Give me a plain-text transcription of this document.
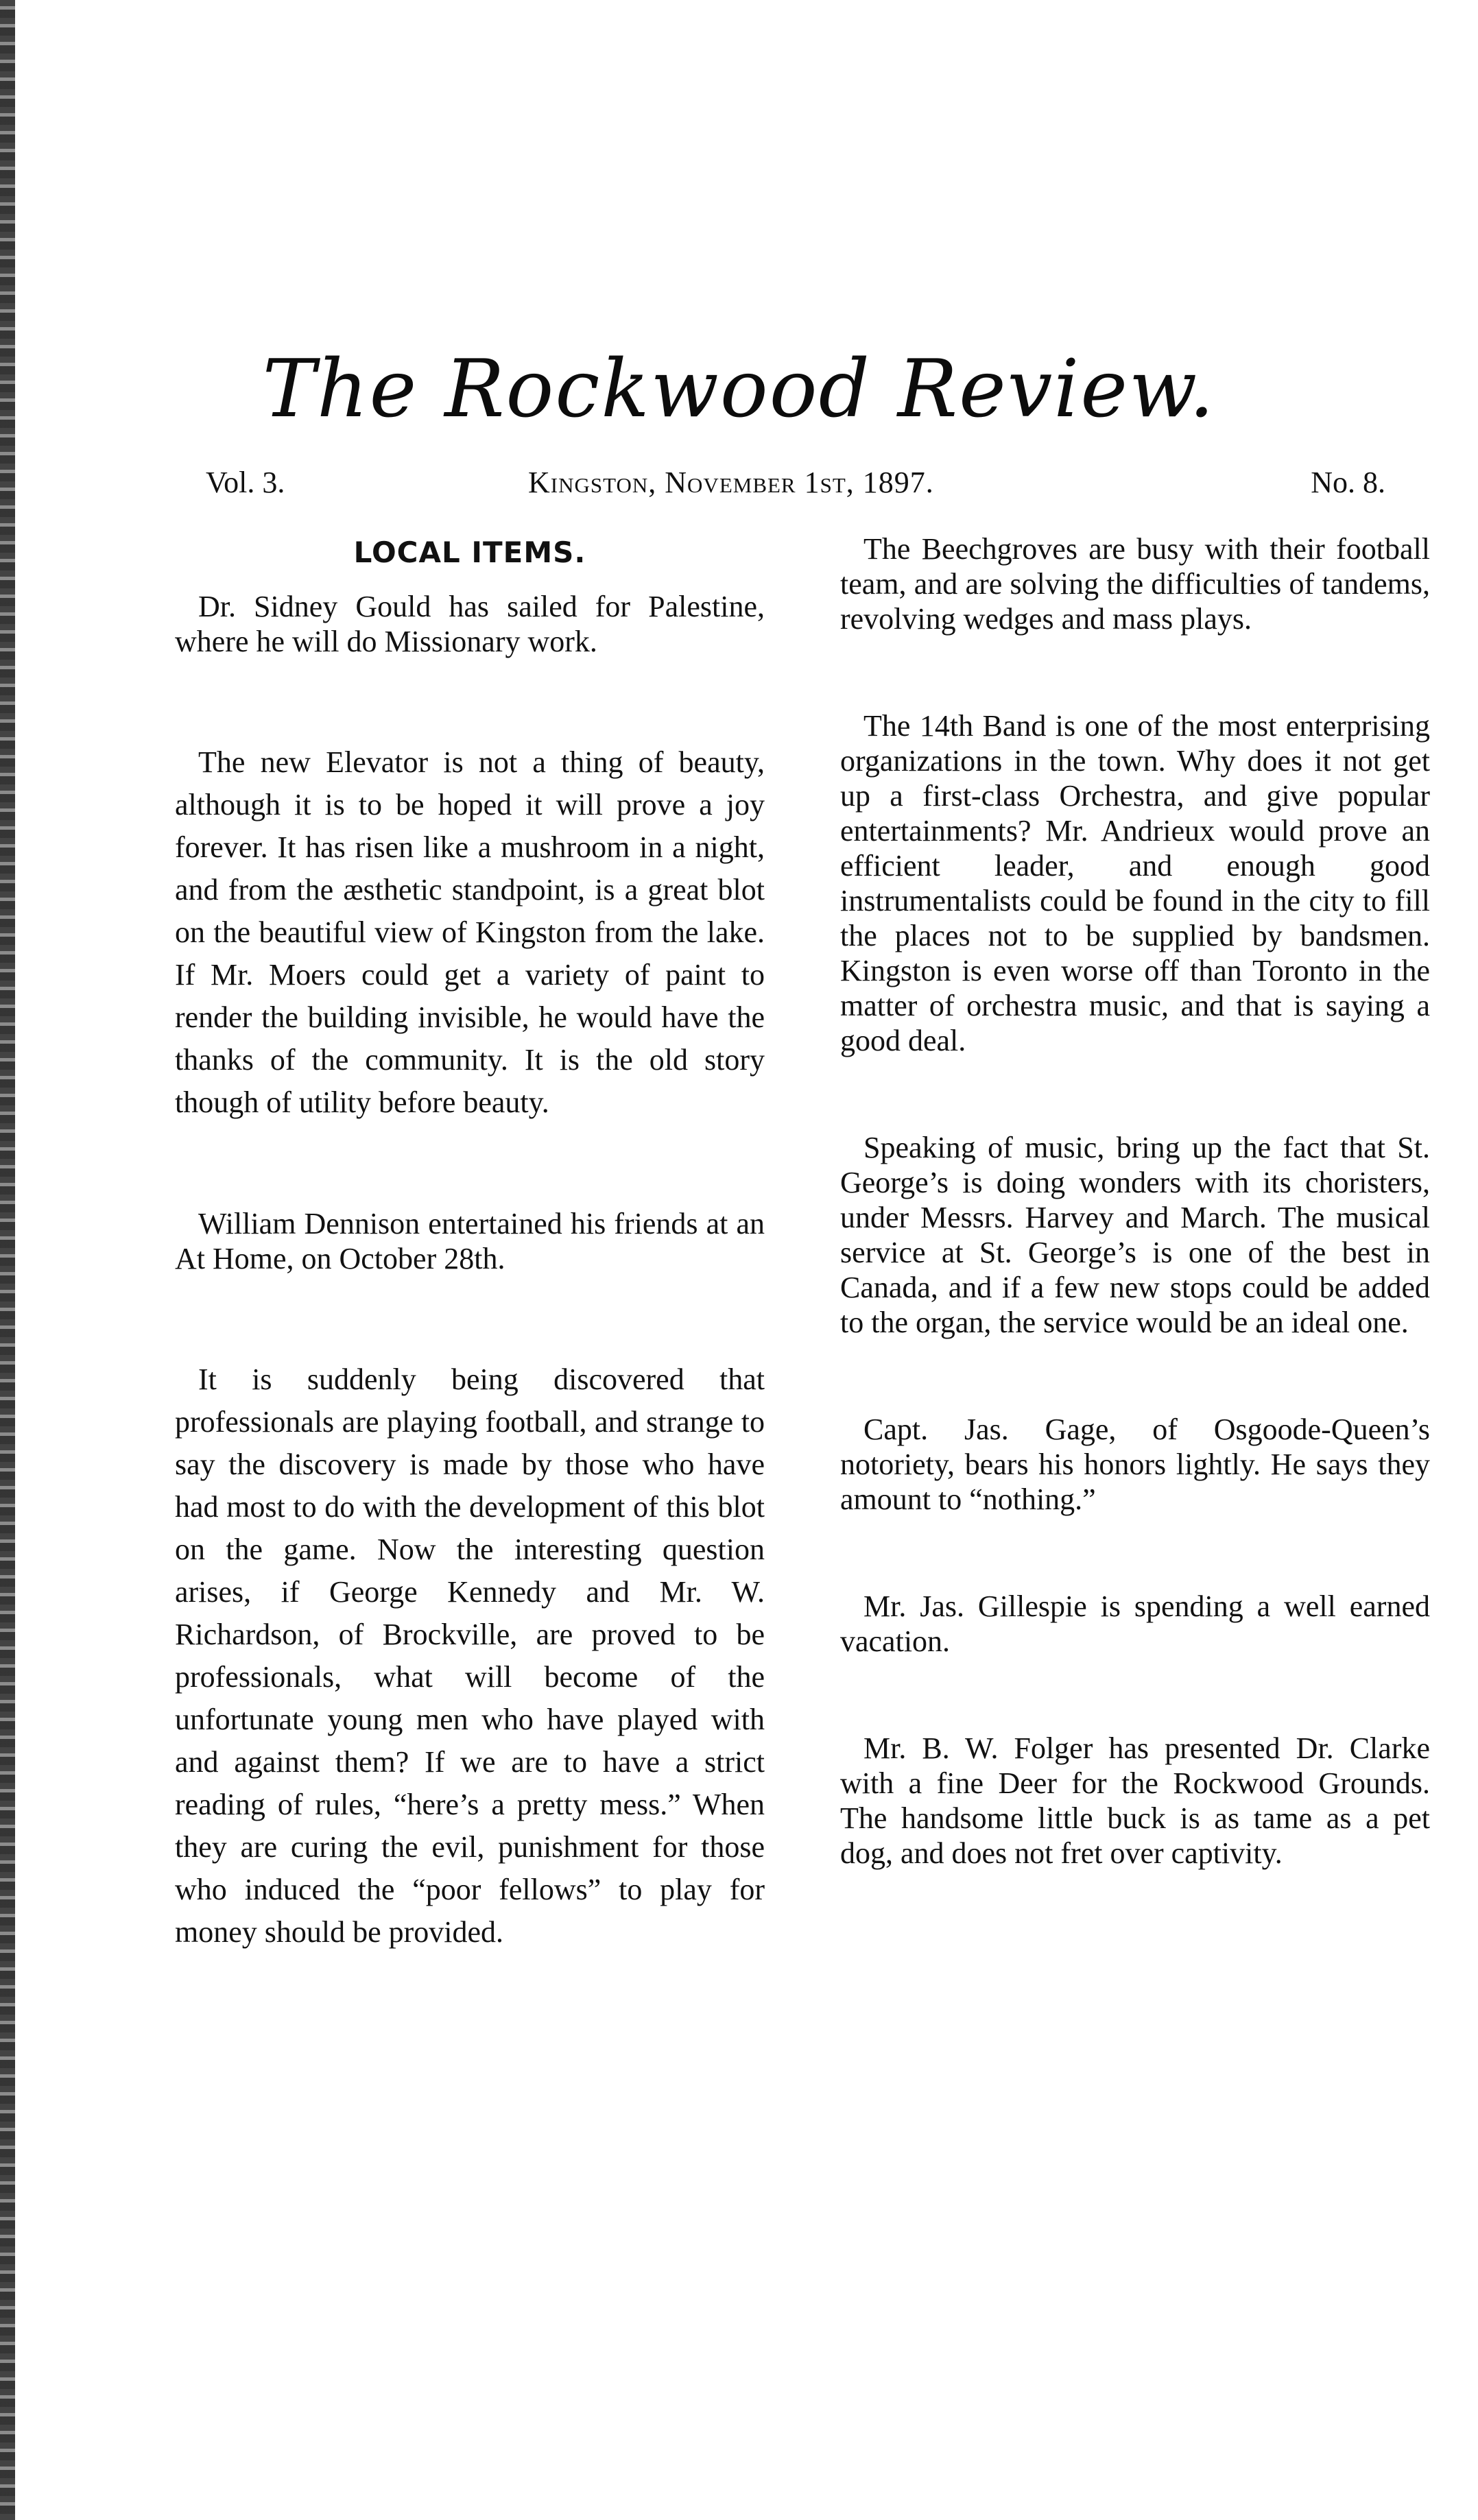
The Rockwood Review.
Vol. 3.	Kingston, November 1st, 1897.	No. 8.
LOCAL ITEMS.

Dr. Sidney Gould has sailed for Palestine, where he will do Missionary work.

The new Elevator is not a thing of beauty, although it is to be hoped it will prove a joy forever. It has risen like a mushroom in a night, and from the æsthetic standpoint, is a great blot on the beautiful view of Kingston from the lake. If Mr. Moers could get a variety of paint to render the building invisible, he would have the thanks of the community. It is the old story though of utility before beauty.

William Dennison entertained his friends at an At Home, on October 28th.

It is suddenly being discovered that professionals are playing football, and strange to say the discovery is made by those who have had most to do with the development of this blot on the game. Now the interesting question arises, if George Kennedy and Mr. W. Richardson, of Brockville, are proved to be professionals, what will become of the unfortunate young men who have played with and against them? If we are to have a strict reading of rules, “here’s a pretty mess.” When they are curing the evil, punishment for those who induced the “poor fellows” to play for money should be provided.

The Beechgroves are busy with their football team, and are solving the difficulties of tandems, revolving wedges and mass plays.

The 14th Band is one of the most enterprising organizations in the town. Why does it not get up a first-class Orchestra, and give popular entertainments? Mr. Andrieux would prove an efficient leader, and enough good instrumentalists could be found in the city to fill the places not to be supplied by bandsmen. Kingston is even worse off than Toronto in the matter of orchestra music, and that is saying a good deal.

Speaking of music, bring up the fact that St. George’s is doing wonders with its choristers, under Messrs. Harvey and March. The musical service at St. George’s is one of the best in Canada, and if a few new stops could be added to the organ, the service would be an ideal one.

Capt. Jas. Gage, of Osgoode-Queen’s notoriety, bears his honors lightly. He says they amount to “nothing.”

Mr. Jas. Gillespie is spending a well earned vacation.

Mr. B. W. Folger has presented Dr. Clarke with a fine Deer for the Rockwood Grounds. The handsome little buck is as tame as a pet dog, and does not fret over captivity.
